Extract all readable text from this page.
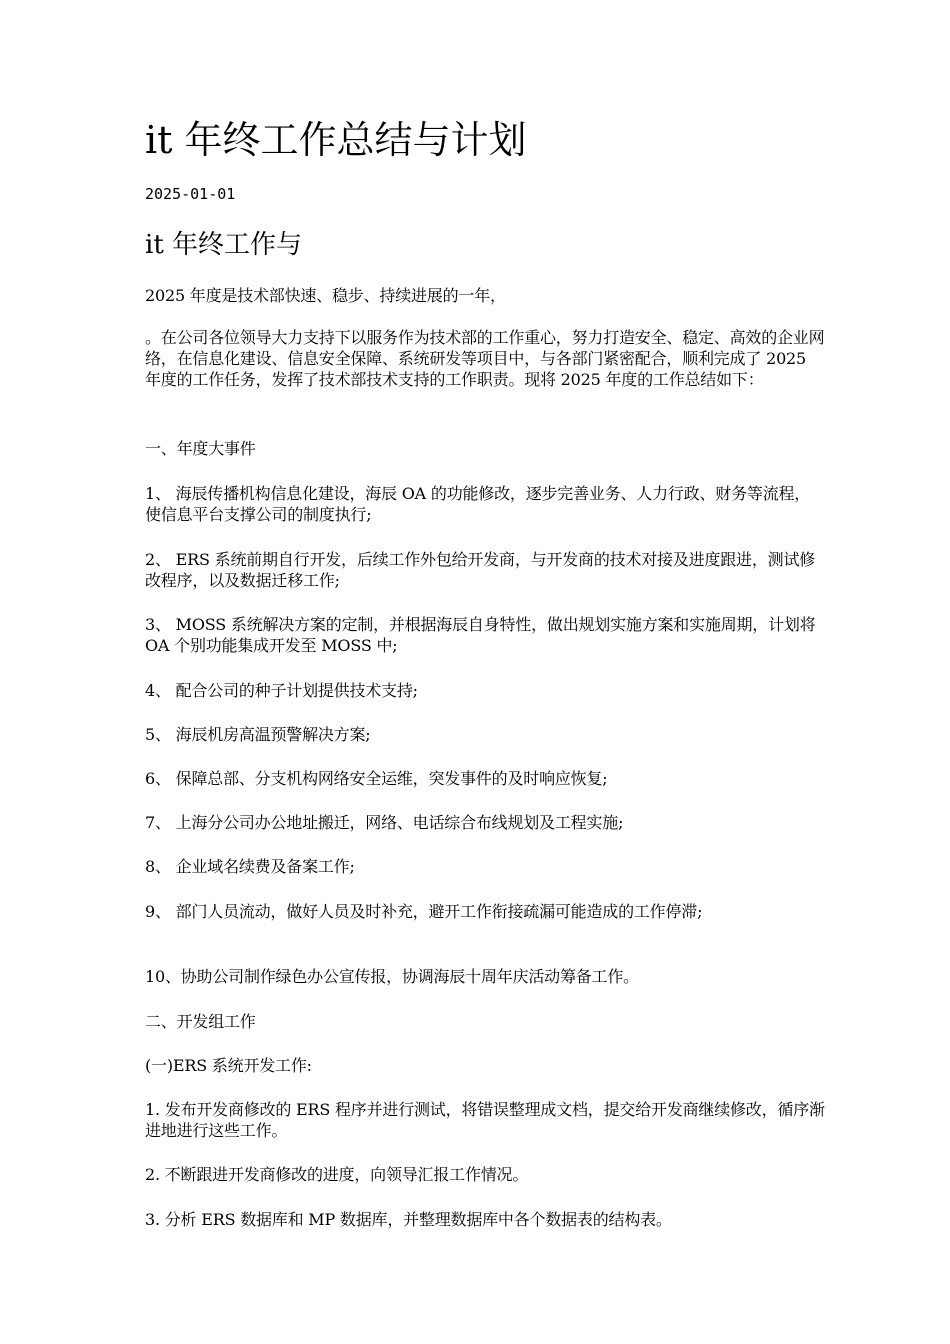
it 年终工作总结与计划
2025-01-01
it 年终工作与

2025 年度是技术部快速、稳步、持续进展的一年，

。在公司各位领导大力支持下以服务作为技术部的工作重心，努力打造安全、稳定、高效的企业网络，在信息化建设、信息安全保障、系统研发等项目中，与各部门紧密配合，顺利完成了 2025 年度的工作任务，发挥了技术部技术支持的工作职责。现将 2025 年度的工作总结如下：

一、年度大事件

1、 海辰传播机构信息化建设，海辰 OA 的功能修改，逐步完善业务、人力行政、财务等流程，使信息平台支撑公司的制度执行;

2、 ERS 系统前期自行开发，后续工作外包给开发商，与开发商的技术对接及进度跟进，测试修改程序，以及数据迁移工作;

3、 MOSS 系统解决方案的定制，并根据海辰自身特性，做出规划实施方案和实施周期，计划将 OA 个别功能集成开发至 MOSS 中;

4、 配合公司的种子计划提供技术支持;

5、 海辰机房高温预警解决方案;

6、 保障总部、分支机构网络安全运维，突发事件的及时响应恢复;

7、 上海分公司办公地址搬迁，网络、电话综合布线规划及工程实施;

8、 企业域名续费及备案工作;

9、 部门人员流动，做好人员及时补充，避开工作衔接疏漏可能造成的工作停滞;

10、协助公司制作绿色办公宣传报，协调海辰十周年庆活动筹备工作。

二、开发组工作

(一)ERS 系统开发工作:

1. 发布开发商修改的 ERS 程序并进行测试，将错误整理成文档，提交给开发商继续修改，循序渐进地进行这些工作。

2. 不断跟进开发商修改的进度，向领导汇报工作情况。

3. 分析 ERS 数据库和 MP 数据库，并整理数据库中各个数据表的结构表。
